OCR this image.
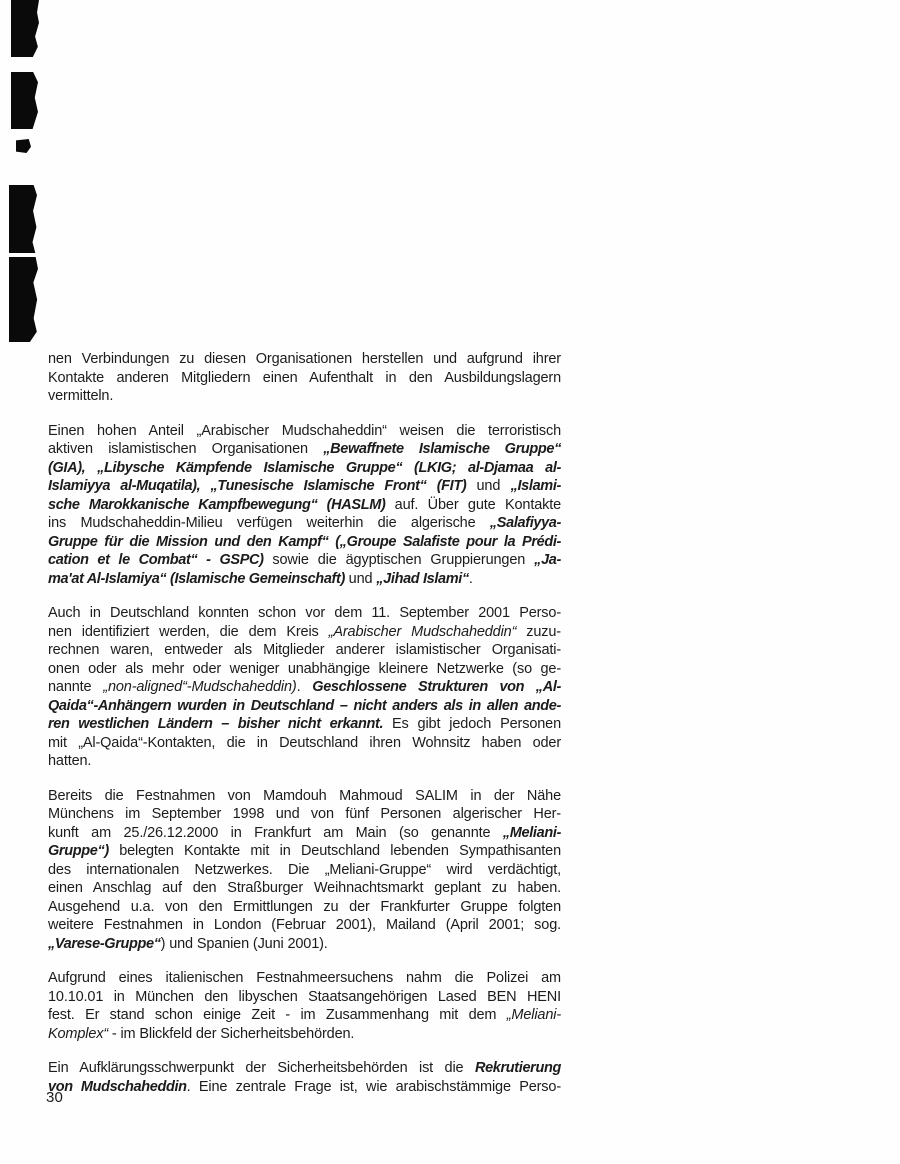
nen Verbindungen zu diesen Organisationen herstellen und aufgrund ihrer
Kontakte anderen Mitgliedern einen Aufenthalt in den Ausbildungslagern
vermitteln.
Einen hohen Anteil „Arabischer Mudschaheddin“ weisen die terroristisch
aktiven islamistischen Organisationen „Bewaffnete Islamische Gruppe“
(GIA), „Libysche Kämpfende Islamische Gruppe“ (LKIG; al-Djamaa al-
Islamiyya al-Muqatila), „Tunesische Islamische Front“ (FIT) und „Islami-
sche Marokkanische Kampfbewegung“ (HASLM) auf. Über gute Kontakte
ins Mudschaheddin-Milieu verfügen weiterhin die algerische „Salafiyya-
Gruppe für die Mission und den Kampf“ („Groupe Salafiste pour la Prédi-
cation et le Combat“ - GSPC) sowie die ägyptischen Gruppierungen „Ja-
ma'at Al-Islamiya“ (Islamische Gemeinschaft) und „Jihad Islami“.
Auch in Deutschland konnten schon vor dem 11. September 2001 Perso-
nen identifiziert werden, die dem Kreis „Arabischer Mudschaheddin“ zuzu-
rechnen waren, entweder als Mitglieder anderer islamistischer Organisati-
onen oder als mehr oder weniger unabhängige kleinere Netzwerke (so ge-
nannte „non-aligned“-Mudschaheddin). Geschlossene Strukturen von „Al-
Qaida“-Anhängern wurden in Deutschland – nicht anders als in allen ande-
ren westlichen Ländern – bisher nicht erkannt. Es gibt jedoch Personen
mit „Al-Qaida“-Kontakten, die in Deutschland ihren Wohnsitz haben oder
hatten.
Bereits die Festnahmen von Mamdouh Mahmoud SALIM in der Nähe
Münchens im September 1998 und von fünf Personen algerischer Her-
kunft am 25./26.12.2000 in Frankfurt am Main (so genannte „Meliani-
Gruppe“) belegten Kontakte mit in Deutschland lebenden Sympathisanten
des internationalen Netzwerkes. Die „Meliani-Gruppe“ wird verdächtigt,
einen Anschlag auf den Straßburger Weihnachtsmarkt geplant zu haben.
Ausgehend u.a. von den Ermittlungen zu der Frankfurter Gruppe folgten
weitere Festnahmen in London (Februar 2001), Mailand (April 2001; sog.
„Varese-Gruppe“) und Spanien (Juni 2001).
Aufgrund eines italienischen Festnahmeersuchens nahm die Polizei am
10.10.01 in München den libyschen Staatsangehörigen Lased BEN HENI
fest. Er stand schon einige Zeit - im Zusammenhang mit dem „Meliani-
Komplex“ - im Blickfeld der Sicherheitsbehörden.
Ein Aufklärungsschwerpunkt der Sicherheitsbehörden ist die Rekrutierung
von Mudschaheddin. Eine zentrale Frage ist, wie arabischstämmige Perso-
30
